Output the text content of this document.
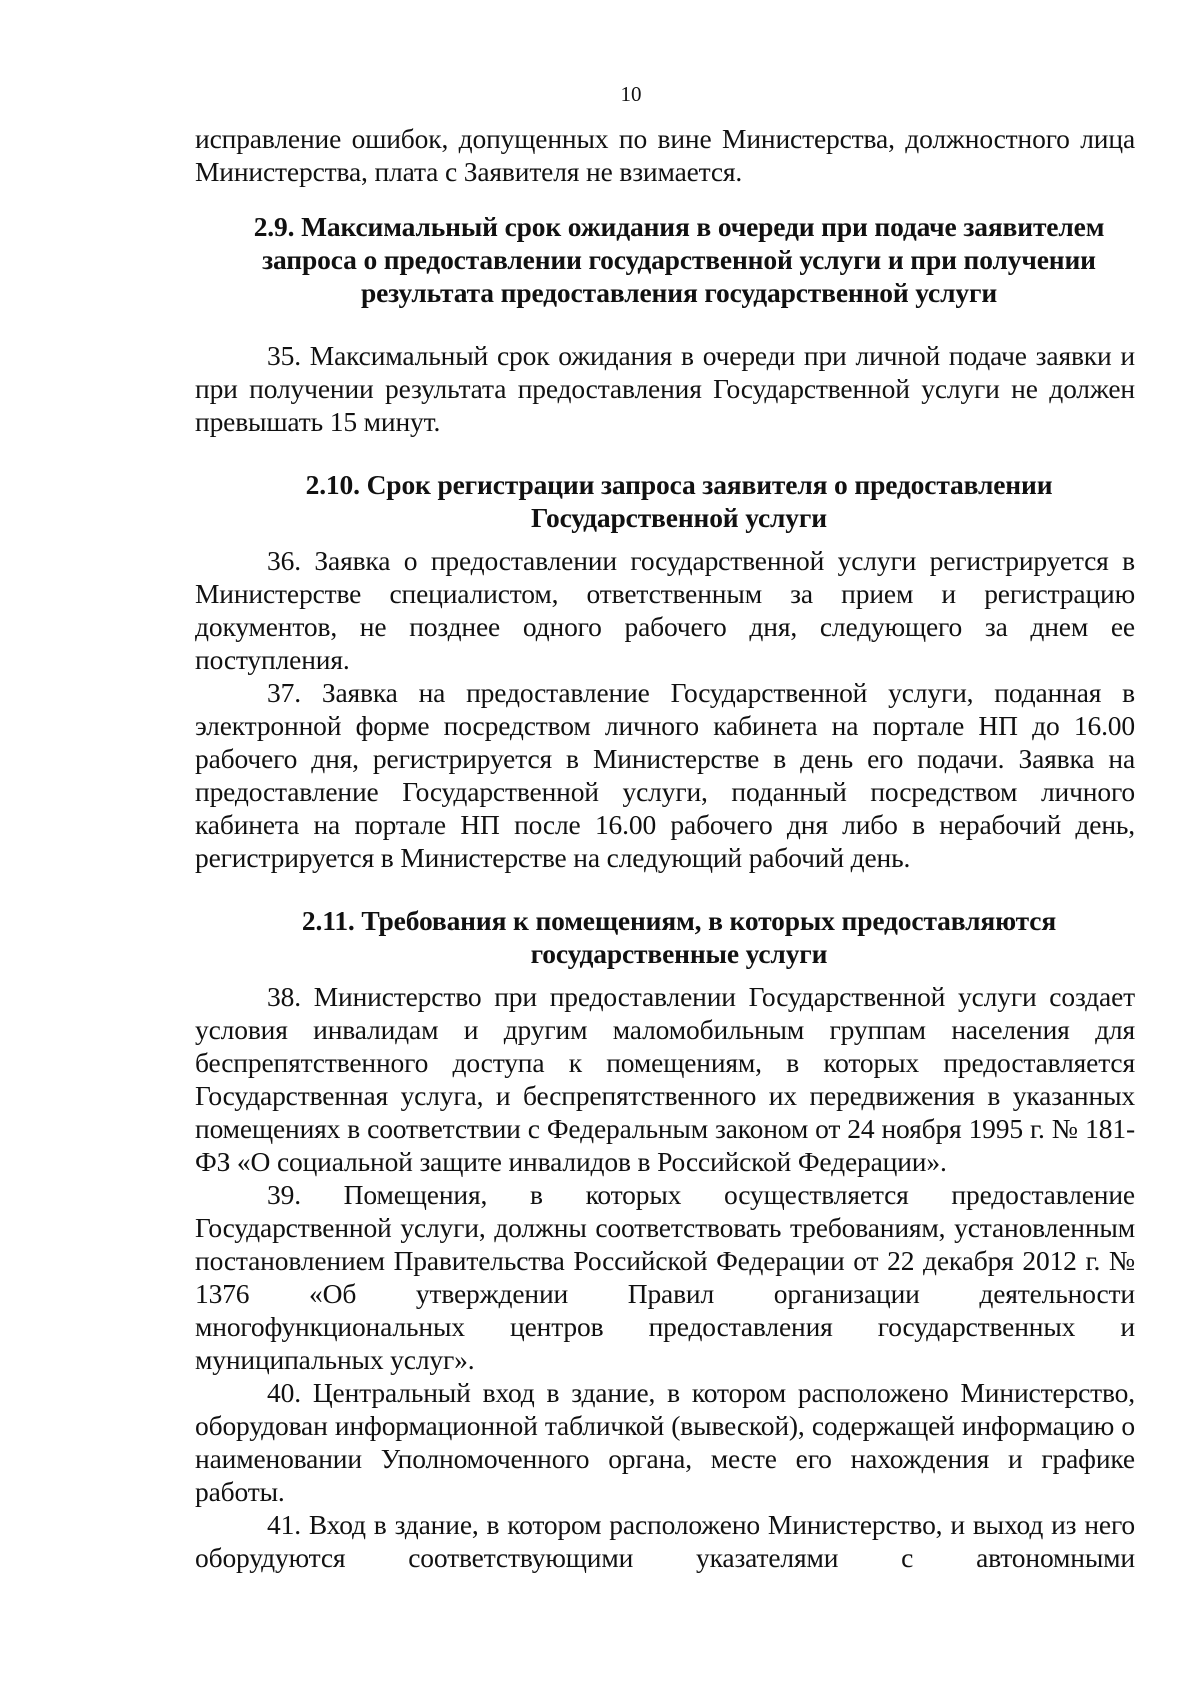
10

исправление ошибок, допущенных по вине Министерства, должностного лица Министерства, плата с Заявителя не взимается.

2.9. Максимальный срок ожидания в очереди при подаче заявителем запроса о предоставлении государственной услуги и при получении результата предоставления государственной услуги

35. Максимальный срок ожидания в очереди при личной подаче заявки и при получении результата предоставления Государственной услуги не должен превышать 15 минут.

2.10. Срок регистрации запроса заявителя о предоставлении Государственной услуги

36. Заявка о предоставлении государственной услуги регистрируется в Министерстве специалистом, ответственным за прием и регистрацию документов, не позднее одного рабочего дня, следующего за днем ее поступления.

37. Заявка на предоставление Государственной услуги, поданная в электронной форме посредством личного кабинета на портале НП до 16.00 рабочего дня, регистрируется в Министерстве в день его подачи. Заявка на предоставление Государственной услуги, поданный посредством личного кабинета на портале НП после 16.00 рабочего дня либо в нерабочий день, регистрируется в Министерстве на следующий рабочий день.

2.11. Требования к помещениям, в которых предоставляются государственные услуги

38. Министерство при предоставлении Государственной услуги создает условия инвалидам и другим маломобильным группам населения для беспрепятственного доступа к помещениям, в которых предоставляется Государственная услуга, и беспрепятственного их передвижения в указанных помещениях в соответствии с Федеральным законом от 24 ноября 1995 г. № 181-ФЗ «О социальной защите инвалидов в Российской Федерации».

39. Помещения, в которых осуществляется предоставление Государственной услуги, должны соответствовать требованиям, установленным постановлением Правительства Российской Федерации от 22 декабря 2012 г. № 1376 «Об утверждении Правил организации деятельности многофункциональных центров предоставления государственных и муниципальных услуг».

40. Центральный вход в здание, в котором расположено Министерство, оборудован информационной табличкой (вывеской), содержащей информацию о наименовании Уполномоченного органа, месте его нахождения и графике работы.

41. Вход в здание, в котором расположено Министерство, и выход из него оборудуются соответствующими указателями с автономными
